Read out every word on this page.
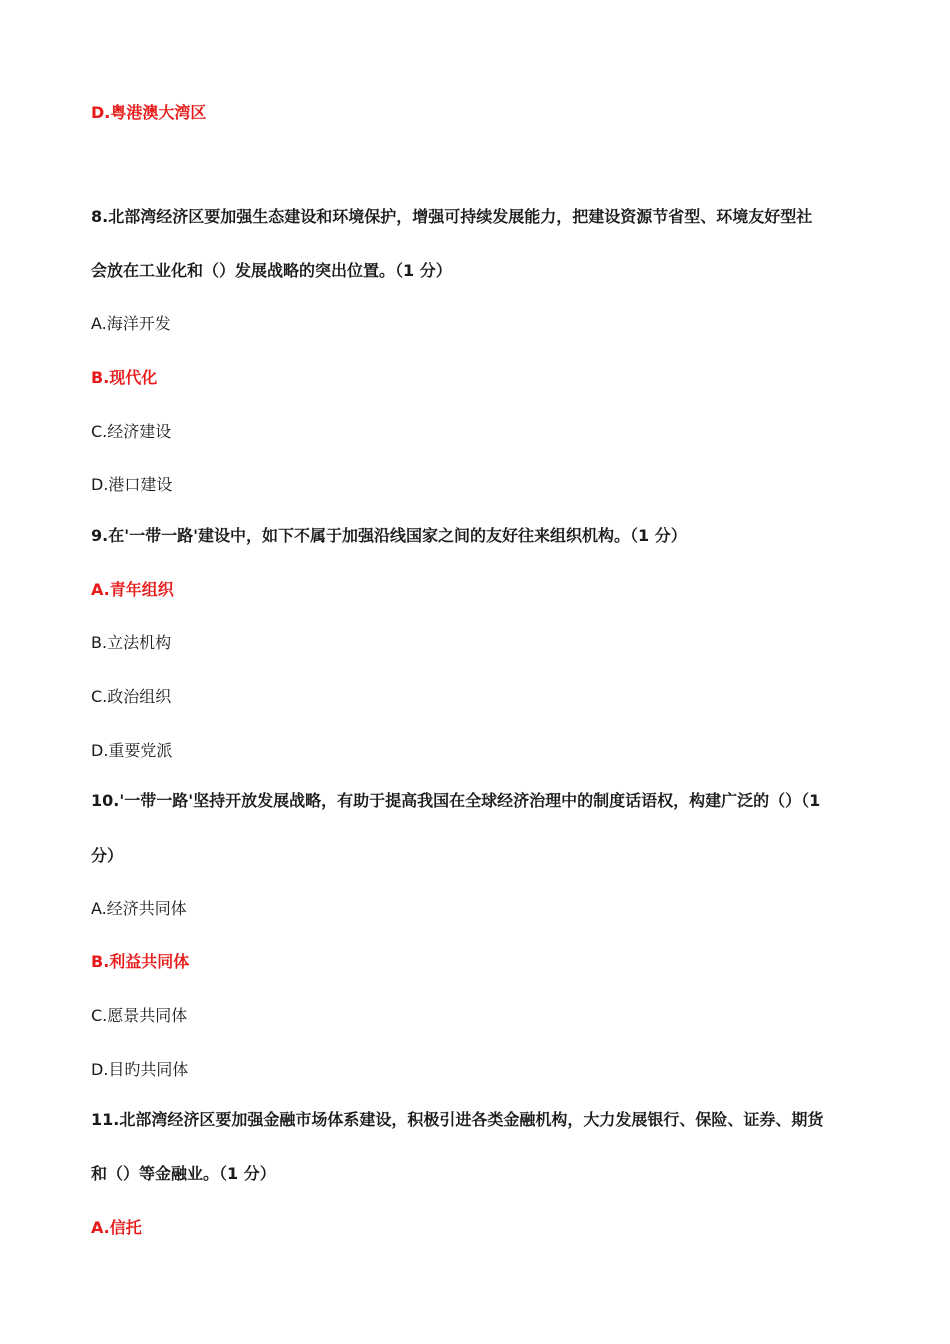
D.粤港澳大湾区
8.北部湾经济区要加强生态建设和环境保护，增强可持续发展能力，把建设资源节省型、环境友好型社
会放在工业化和（）发展战略的突出位置。（1 分）
A.海洋开发
B.现代化
C.经济建设
D.港口建设
9.在'一带一路'建设中，如下不属于加强沿线国家之间的友好往来组织机构。（1 分）
A.青年组织
B.立法机构
C.政治组织
D.重要党派
10.'一带一路'坚持开放发展战略，有助于提高我国在全球经济治理中的制度话语权，构建广泛的（）（1
分）
A.经济共同体
B.利益共同体
C.愿景共同体
D.目旳共同体
11.北部湾经济区要加强金融市场体系建设，积极引进各类金融机构，大力发展银行、保险、证券、期货
和（）等金融业。（1 分）
A.信托
